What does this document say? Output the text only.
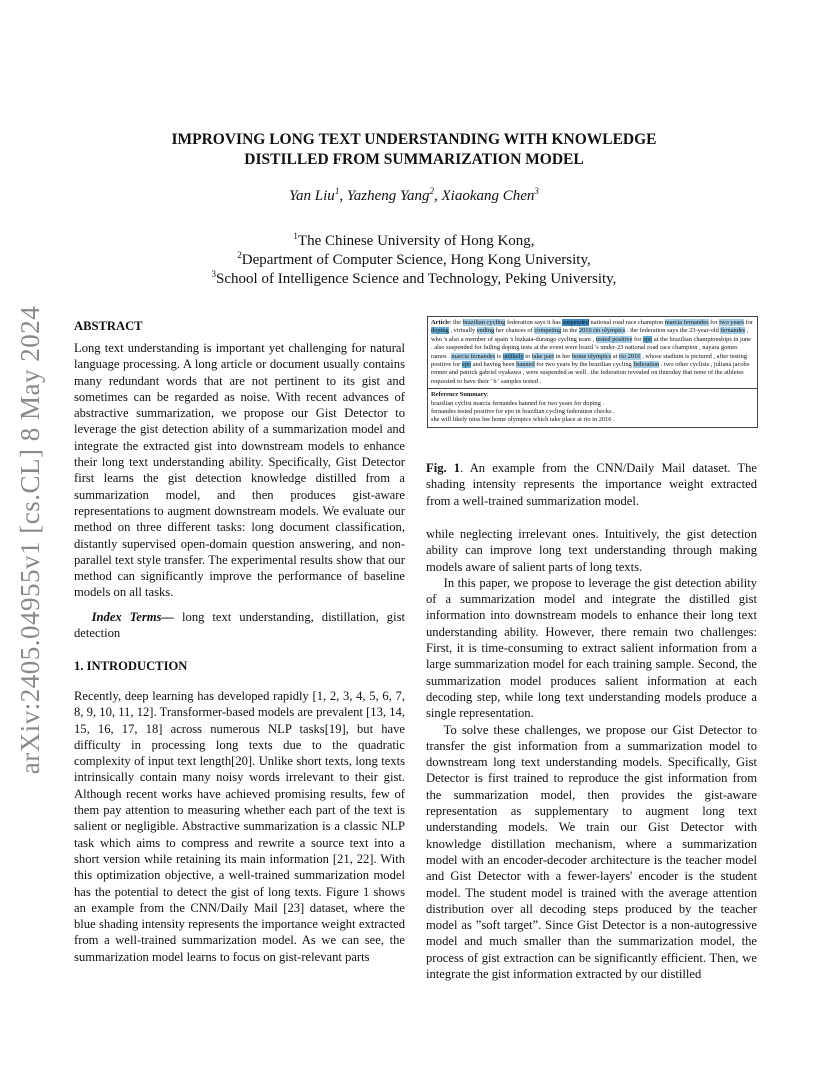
arXiv:2405.04955v1 [cs.CL] 8 May 2024
IMPROVING LONG TEXT UNDERSTANDING WITH KNOWLEDGE
DISTILLED FROM SUMMARIZATION MODEL
Yan Liu$^1$, Yazheng Yang$^2$, Xiaokang Chen$^3$
$^1$The Chinese University of Hong Kong,
$^2$Department of Computer Science, Hong Kong University,
$^3$School of Intelligence Science and Technology, Peking University,
ABSTRACT

Long text understanding is important yet challenging for natural language processing. A long article or document usually contains many redundant words that are not pertinent to its gist and sometimes can be regarded as noise. With recent advances of abstractive summarization, we propose our Gist Detector to leverage the gist detection ability of a summarization model and integrate the extracted gist into downstream models to enhance their long text understanding ability. Specifically, Gist Detector first learns the gist detection knowledge distilled from a summarization model, and then produces gist-aware representations to augment downstream models. We evaluate our method on three different tasks: long document classification, distantly supervised open-domain question answering, and non-parallel text style transfer. The experimental results show that our method can significantly improve the performance of baseline models on all tasks.

Index Terms— long text understanding, distillation, gist detection

1. INTRODUCTION

Recently, deep learning has developed rapidly [1, 2, 3, 4, 5, 6, 7, 8, 9, 10, 11, 12]. Transformer-based models are prevalent [13, 14, 15, 16, 17, 18] across numerous NLP tasks[19], but have difficulty in processing long texts due to the quadratic complexity of input text length[20]. Unlike short texts, long texts intrinsically contain many noisy words irrelevant to their gist. Although recent works have achieved promising results, few of them pay attention to measuring whether each part of the text is salient or negligible. Abstractive summarization is a classic NLP task which aims to compress and rewrite a source text into a short version while retaining its main information [21, 22]. With this optimization objective, a well-trained summarization model has the potential to detect the gist of long texts. Figure 1 shows an example from the CNN/Daily Mail [23] dataset, where the blue shading intensity represents the importance weight extracted from a well-trained summarization model. As we can see, the summarization model learns to focus on gist-relevant parts

Article: the brazilian cycling federation says it has suspended national road race champion marcia fernandes for two years for doping , virtually ending her chances of competing in the 2016 rio olympics . the federation says the 23-year-old fernandes , who 's also a member of spain 's bizkaia-durango cycling team , tested positive for epo at the brazilian championships in june . also suspended for failing doping tests at the event were brazil 's under-23 national road race champion , nayara gomes ramos . marcia fernandes is unlikely to take part in her home olympics at rio 2016 , whose stadium is pictured , after testing positive for epo and having been banned for two years by the brazilian cycling federation . two other cyclists , juliana jacobs renner and patrick gabriel oyakawa , were suspended as well . the federation revealed on thursday that none of the athletes requested to have their ' b ' samples tested .
Reference Summary:
brazilian cyclist marcia fernandes banned for two years for doping .
fernandes tested positive for epo in brazilian cycling federation checks .
she will likely miss her home olympics which take place at rio in 2016 .
Fig. 1. An example from the CNN/Daily Mail dataset. The shading intensity represents the importance weight extracted from a well-trained summarization model.

while neglecting irrelevant ones. Intuitively, the gist detection ability can improve long text understanding through making models aware of salient parts of long texts.

In this paper, we propose to leverage the gist detection ability of a summarization model and integrate the distilled gist information into downstream models to enhance their long text understanding ability. However, there remain two challenges: First, it is time-consuming to extract salient information from a large summarization model for each training sample. Second, the summarization model produces salient information at each decoding step, while long text understanding models produce a single representation.

To solve these challenges, we propose our Gist Detector to transfer the gist information from a summarization model to downstream long text understanding models. Specifically, Gist Detector is first trained to reproduce the gist information from the summarization model, then provides the gist-aware representation as supplementary to augment long text understanding models. We train our Gist Detector with knowledge distillation mechanism, where a summarization model with an encoder-decoder architecture is the teacher model and Gist Detector with a fewer-layers' encoder is the student model. The student model is trained with the average attention distribution over all decoding steps produced by the teacher model as ”soft target”. Since Gist Detector is a non-autogressive model and much smaller than the summarization model, the process of gist extraction can be significantly efficient. Then, we integrate the gist information extracted by our distilled
